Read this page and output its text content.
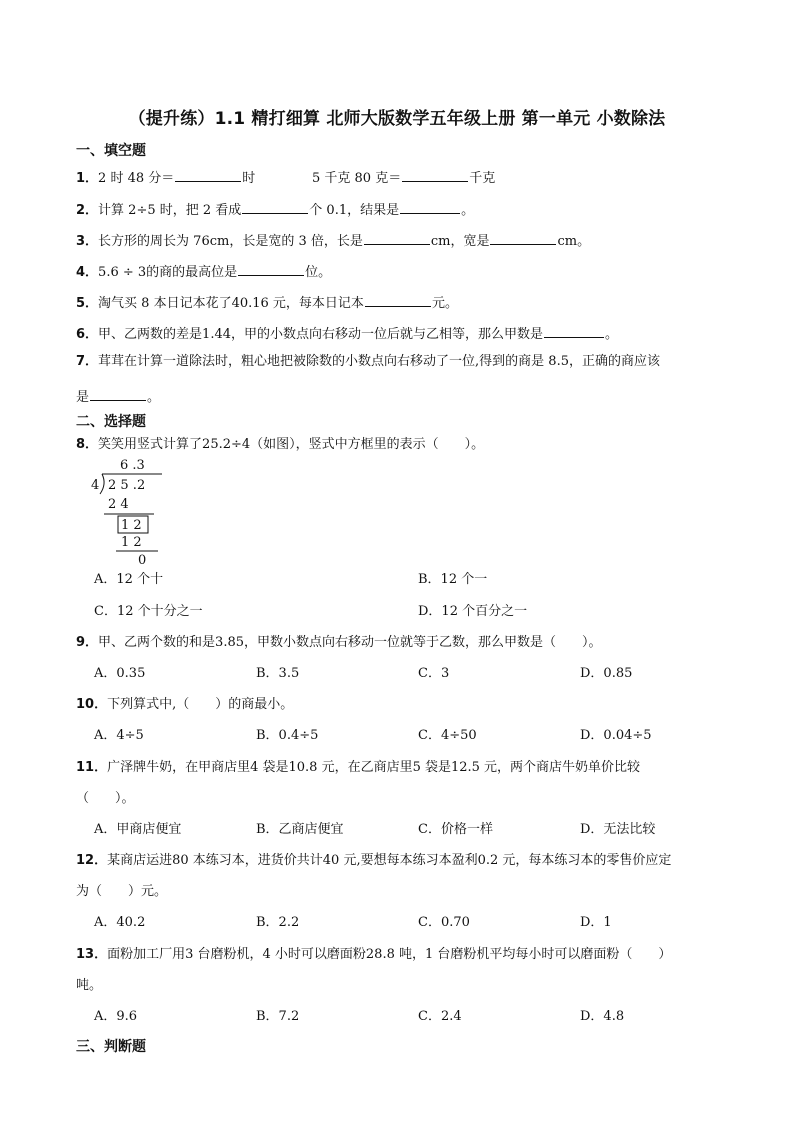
（提升练）1.1 精打细算 北师大版数学五年级上册 第一单元 小数除法
一、填空题
1．2 时 48 分＝	时	5 千克 80 克＝	千克
2．计算 2÷5 时，把 2 看成	个 0.1，结果是	。
3．长方形的周长为 76cm，长是宽的 3 倍，长是	cm，宽是	cm。
4．5.6 ÷ 3的商的最高位是	位。
5．淘气买 8 本日记本花了40.16 元，每本日记本	元。
6．甲、乙两数的差是1.44，甲的小数点向右移动一位后就与乙相等，那么甲数是	。
7．茸茸在计算一道除法时，粗心地把被除数的小数点向右移动了一位,得到的商是 8.5，正确的商应该
是	。
二、选择题
8．笑笑用竖式计算了25.2÷4（如图），竖式中方框里的表示（　　）。
6 .3
4 2 5 .2
2 4
1 2
1 2
0
A．12 个十	B．12 个一
C．12 个十分之一	D．12 个百分之一
9．甲、乙两个数的和是3.85，甲数小数点向右移动一位就等于乙数，那么甲数是（　　）。
A．0.35	B．3.5	C．3	D．0.85
10．下列算式中,（　　）的商最小。
A．4÷5	B．0.4÷5	C．4÷50	D．0.04÷5
11．广泽牌牛奶，在甲商店里4 袋是10.8 元，在乙商店里5 袋是12.5 元，两个商店牛奶单价比较
（　　）。
A．甲商店便宜	B．乙商店便宜	C．价格一样	D．无法比较
12．某商店运进80 本练习本，进货价共计40 元,要想每本练习本盈利0.2 元，每本练习本的零售价应定
为（　　）元。
A．40.2	B．2.2	C．0.70	D．1
13．面粉加工厂用3 台磨粉机，4 小时可以磨面粉28.8 吨，1 台磨粉机平均每小时可以磨面粉（　　）
吨。
A．9.6	B．7.2	C．2.4	D．4.8
三、判断题
